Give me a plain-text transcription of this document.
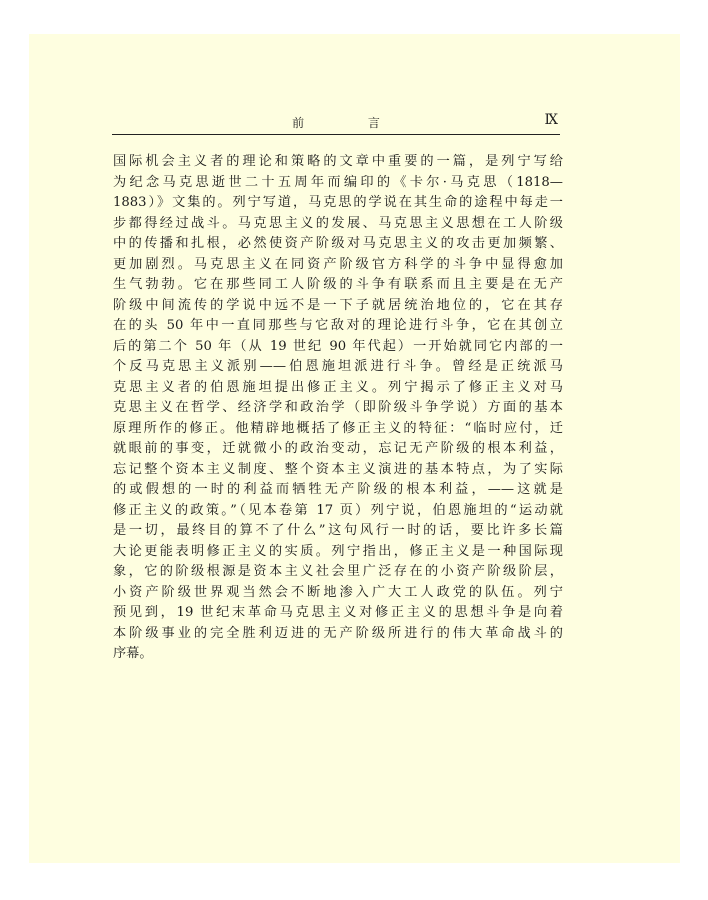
前 言	Ⅸ
国际机会主义者的理论和策略的文章中重要的一篇，是列宁写给
为纪念马克思逝世二十五周年而编印的《卡尔·马克思（1818—
1883）》文集的。列宁写道，马克思的学说在其生命的途程中每走一
步都得经过战斗。马克思主义的发展、马克思主义思想在工人阶级
中的传播和扎根，必然使资产阶级对马克思主义的攻击更加频繁、
更加剧烈。马克思主义在同资产阶级官方科学的斗争中显得愈加
生气勃勃。它在那些同工人阶级的斗争有联系而且主要是在无产
阶级中间流传的学说中远不是一下子就居统治地位的，它在其存
在的头 50 年中一直同那些与它敌对的理论进行斗争，它在其创立
后的第二个 50 年（从 19 世纪 90 年代起）一开始就同它内部的一
个反马克思主义派别——伯恩施坦派进行斗争。曾经是正统派马
克思主义者的伯恩施坦提出修正主义。列宁揭示了修正主义对马
克思主义在哲学、经济学和政治学（即阶级斗争学说）方面的基本
原理所作的修正。他精辟地概括了修正主义的特征：“临时应付，迁
就眼前的事变，迁就微小的政治变动，忘记无产阶级的根本利益，
忘记整个资本主义制度、整个资本主义演进的基本特点，为了实际
的或假想的一时的利益而牺牲无产阶级的根本利益，——这就是
修正主义的政策。”（见本卷第 17 页）列宁说，伯恩施坦的“运动就
是一切，最终目的算不了什么”这句风行一时的话，要比许多长篇
大论更能表明修正主义的实质。列宁指出，修正主义是一种国际现
象，它的阶级根源是资本主义社会里广泛存在的小资产阶级阶层，
小资产阶级世界观当然会不断地渗入广大工人政党的队伍。列宁
预见到，19 世纪末革命马克思主义对修正主义的思想斗争是向着
本阶级事业的完全胜利迈进的无产阶级所进行的伟大革命战斗的
序幕。
